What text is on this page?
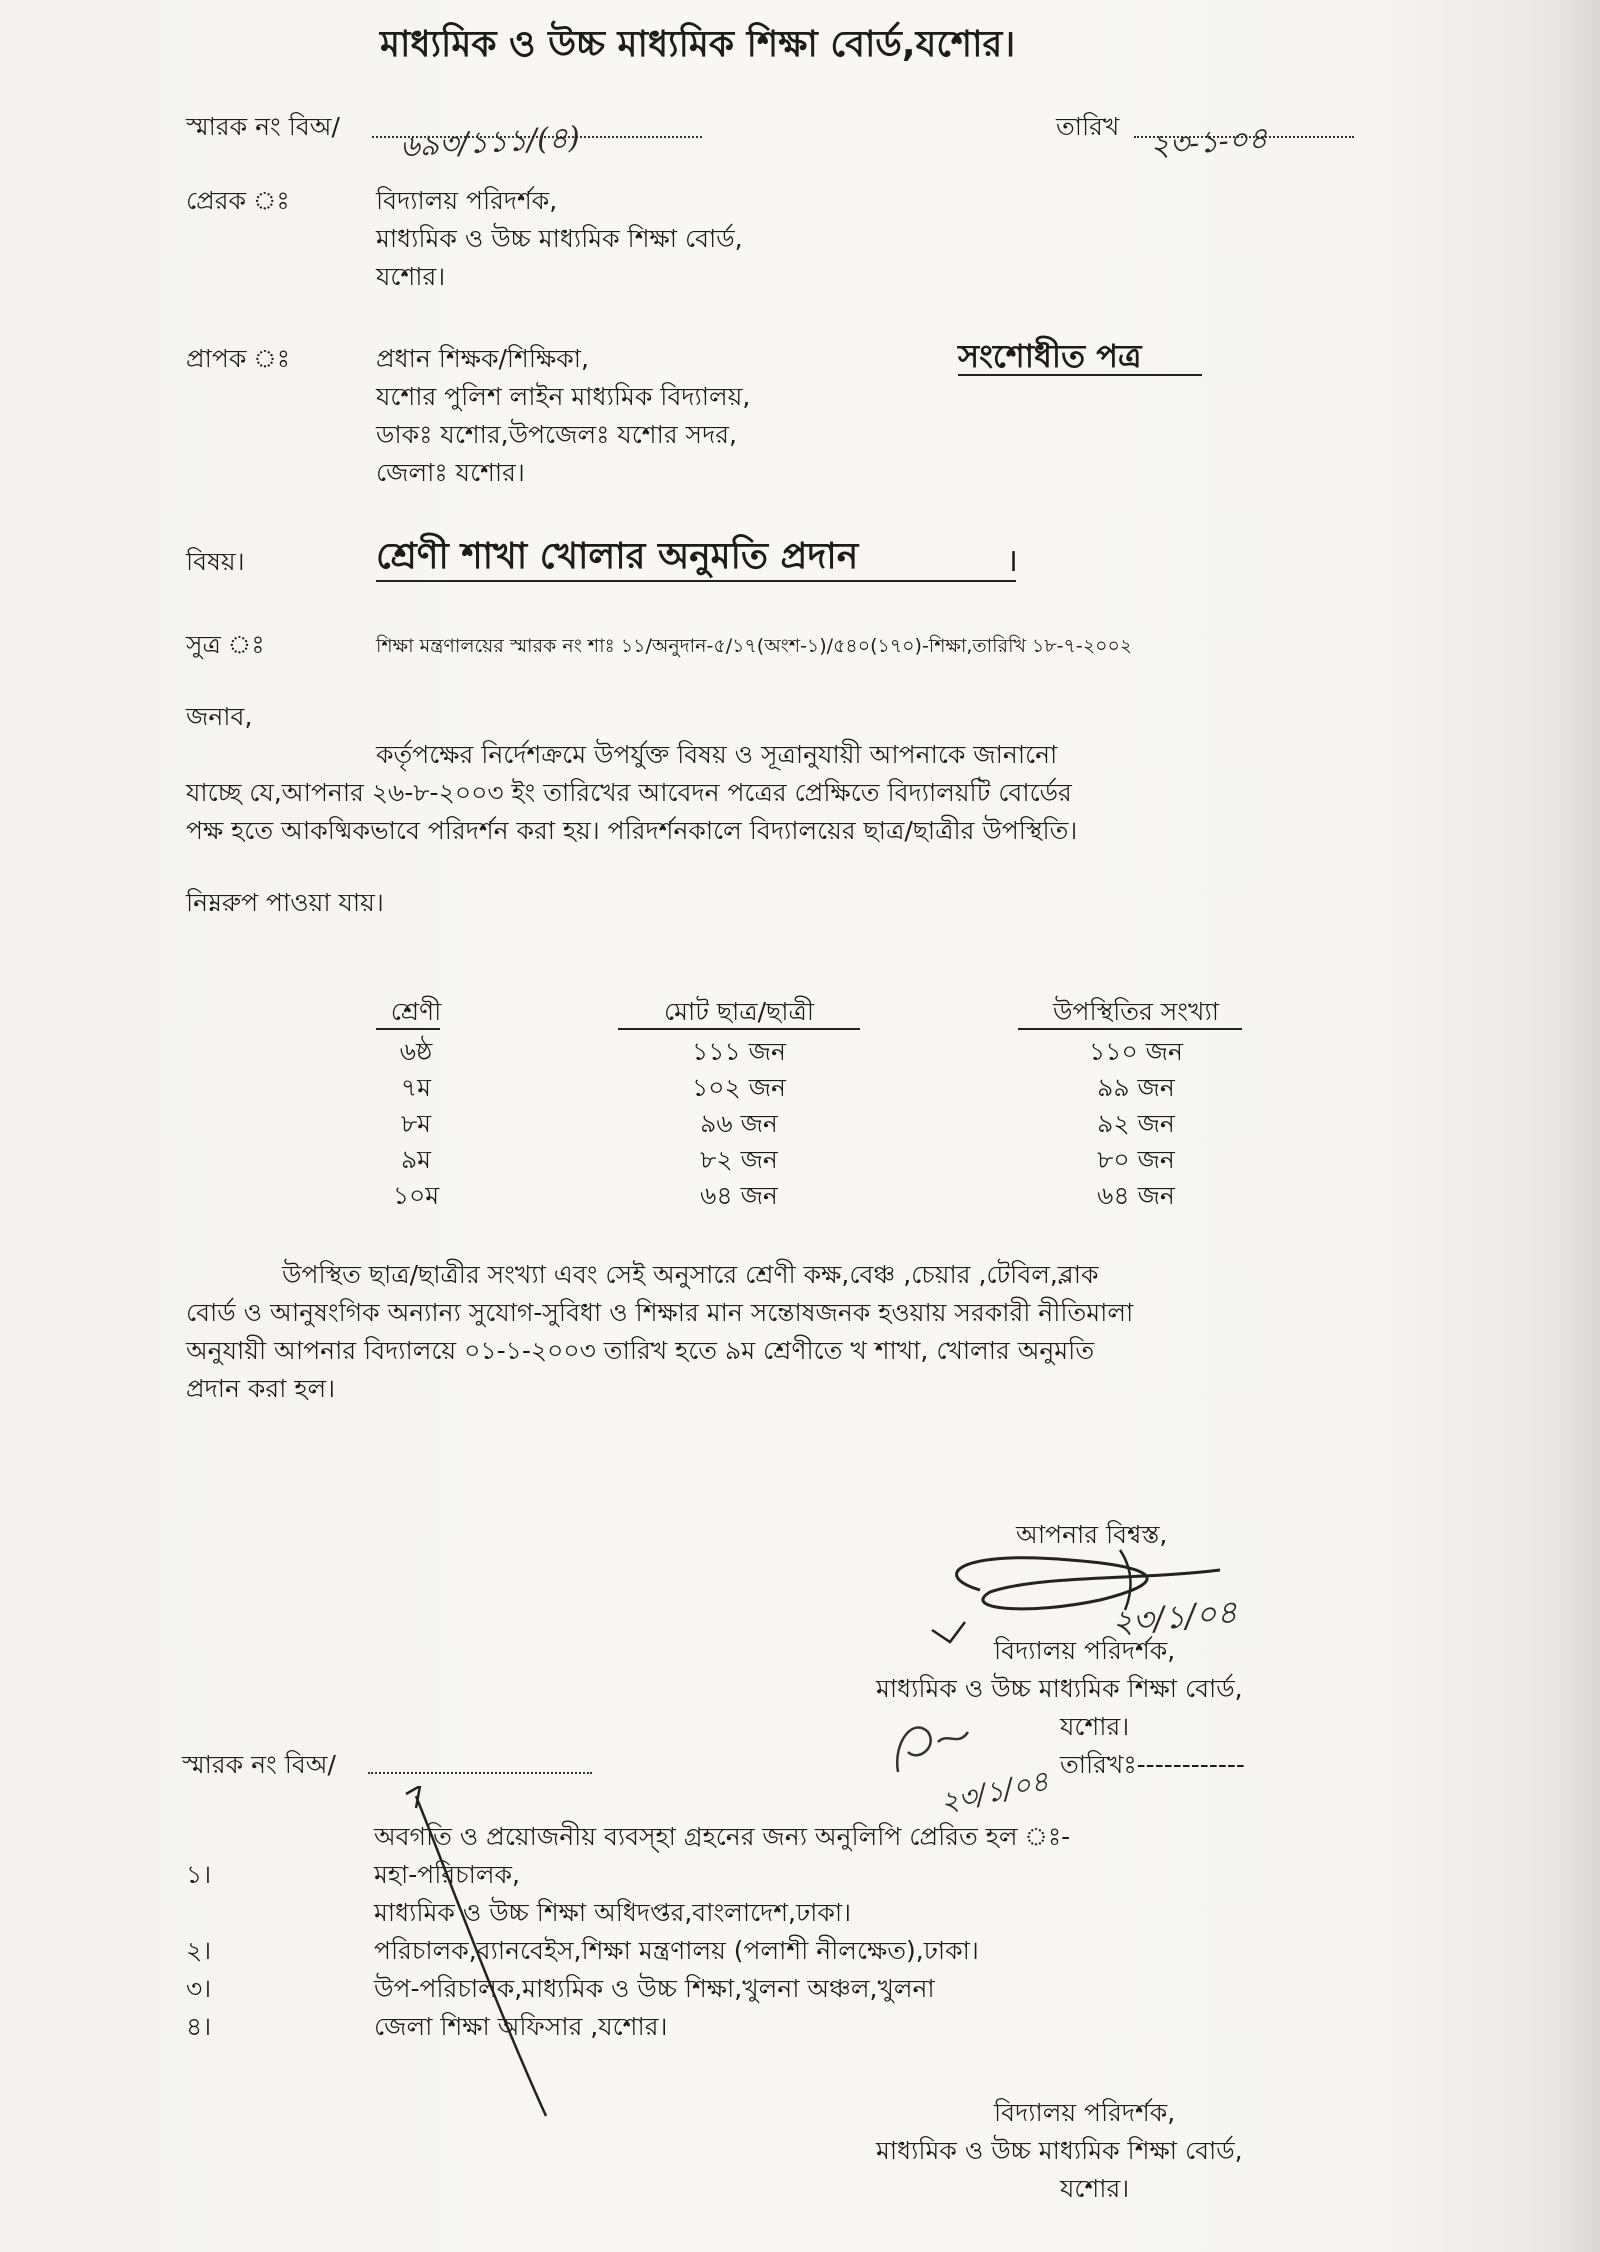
মাধ্যমিক ও উচ্চ মাধ্যমিক শিক্ষা বোর্ড,যশোর।
স্মারক নং বিঅ/ ৬৯৩/১১১/(৪)	তারিখ ২৩-১-০৪
প্রেরক ঃ	বিদ্যালয় পরিদর্শক,
মাধ্যমিক ও উচ্চ মাধ্যমিক শিক্ষা বোর্ড,
যশোর।
প্রাপক ঃ	প্রধান শিক্ষক/শিক্ষিকা,
যশোর পুলিশ লাইন মাধ্যমিক বিদ্যালয়,
ডাকঃ যশোর,উপজেলঃ যশোর সদর,
জেলাঃ যশোর।
সংশোধীত পত্র
বিষয়।	শ্রেণী শাখা খোলার অনুমতি প্রদান	।
সুত্র ঃ	শিক্ষা মন্ত্রণালয়ের স্মারক নং শাঃ ১১/অনুদান-৫/১৭(অংশ-১)/৫৪০(১৭০)-শিক্ষা,তারিখি ১৮-৭-২০০২
জনাব,
কর্তৃপক্ষের নির্দেশক্রমে উপর্যুক্ত বিষয় ও সূত্রানুযায়ী আপনাকে জানানো
যাচ্ছে যে,আপনার ২৬-৮-২০০৩ ইং তারিখের আবেদন পত্রের প্রেক্ষিতে বিদ্যালয়টি বোর্ডের
পক্ষ হতে আকষ্মিকভাবে পরিদর্শন করা হয়। পরিদর্শনকালে বিদ্যালয়ের ছাত্র/ছাত্রীর উপস্থিতি।
নিম্নরুপ পাওয়া যায়।
শ্রেণী	মোট ছাত্র/ছাত্রী	উপস্থিতির সংখ্যা
৬ষ্ঠ	১১১ জন	১১০ জন
৭ম	১০২ জন	৯৯ জন
৮ম	৯৬ জন	৯২ জন
৯ম	৮২ জন	৮০ জন
১০ম	৬৪ জন	৬৪ জন
উপস্থিত ছাত্র/ছাত্রীর সংখ্যা এবং সেই অনুসারে শ্রেণী কক্ষ,বেঞ্চ ,চেয়ার ,টেবিল,ব্লাক
বোর্ড ও আনুষংগিক অন্যান্য সুযোগ-সুবিধা ও শিক্ষার মান সন্তোষজনক হওয়ায় সরকারী নীতিমালা
অনুযায়ী আপনার বিদ্যালয়ে ০১-১-২০০৩ তারিখ হতে ৯ম শ্রেণীতে খ শাখা, খোলার অনুমতি
প্রদান করা হল।
আপনার বিশ্বস্ত,
২৩/১/০৪
বিদ্যালয় পরিদর্শক,
মাধ্যমিক ও উচ্চ মাধ্যমিক শিক্ষা বোর্ড,
যশোর।
স্মারক নং বিঅ/	তারিখঃ------------
২৩/১/০৪
অবগতি ও প্রয়োজনীয় ব্যবস্হা গ্রহনের জন্য অনুলিপি প্রেরিত হল ঃ-
১।	মহা-পরিচালক,
মাধ্যমিক ও উচ্চ শিক্ষা অধিদপ্তর,বাংলাদেশ,ঢাকা।
২।	পরিচালক,ব্যানবেইস,শিক্ষা মন্ত্রণালয় (পলাশী নীলক্ষেত),ঢাকা।
৩।	উপ-পরিচালক,মাধ্যমিক ও উচ্চ শিক্ষা,খুলনা অঞ্চল,খুলনা
৪।	জেলা শিক্ষা অফিসার ,যশোর।
বিদ্যালয় পরিদর্শক,
মাধ্যমিক ও উচ্চ মাধ্যমিক শিক্ষা বোর্ড,
যশোর।
